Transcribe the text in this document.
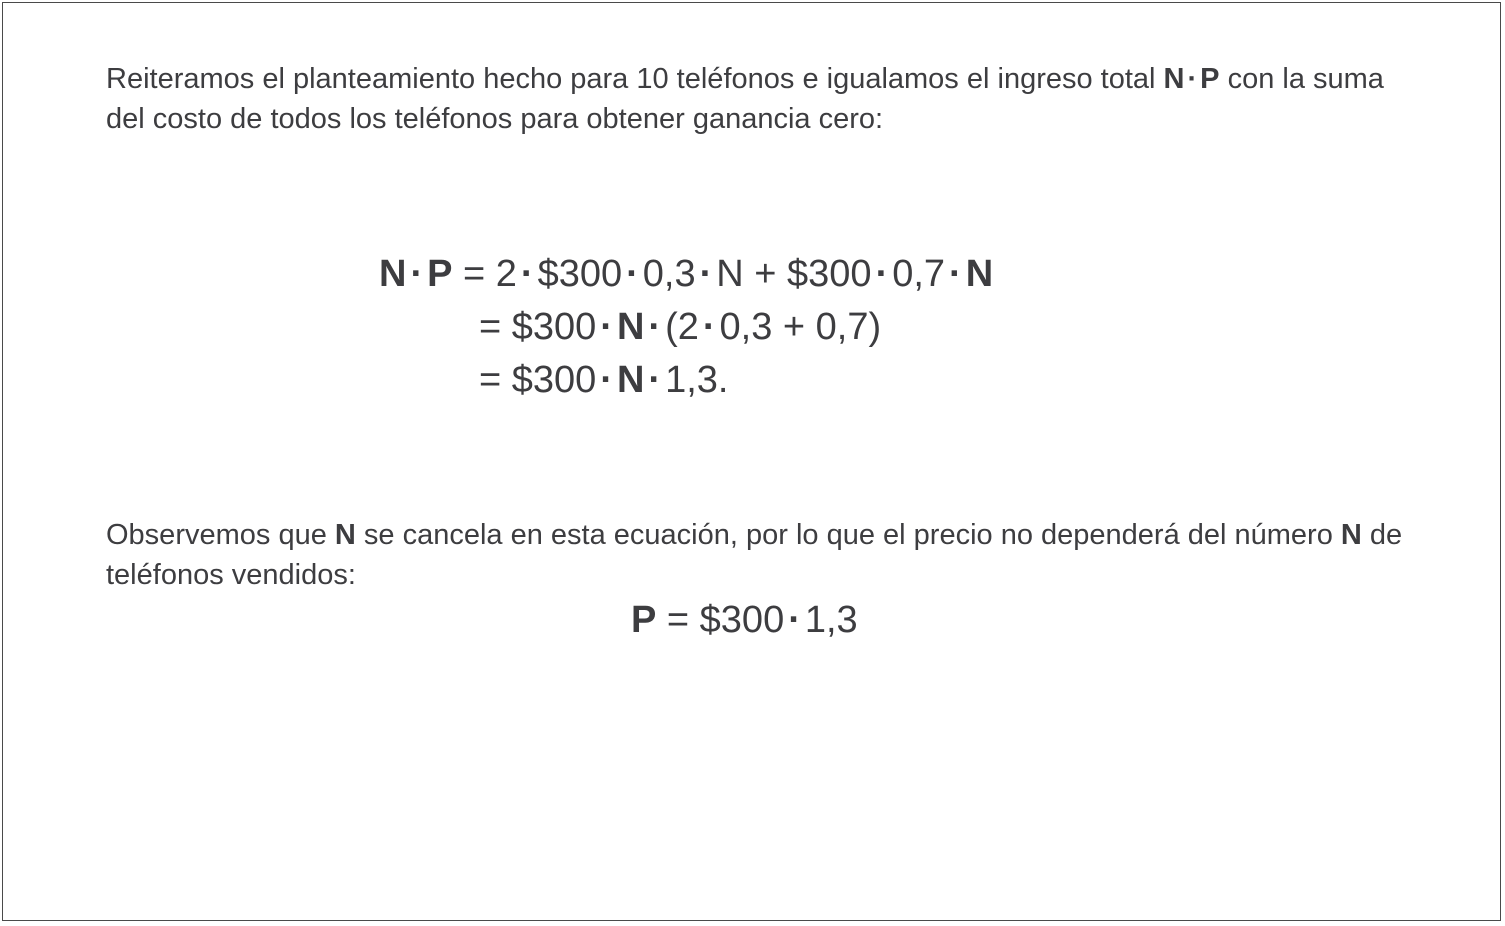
Reiteramos el planteamiento hecho para 10 teléfonos e igualamos el ingreso total N · P con la suma del costo de todos los teléfonos para obtener ganancia cero:

N · P = 2 · $300 · 0,3 · N + $300 · 0,7 · N
= $300 · N · (2 · 0,3 + 0,7)
= $300 · N · 1,3.

Observemos que N se cancela en esta ecuación, por lo que el precio no dependerá del número N de teléfonos vendidos:

P = $300 · 1,3
